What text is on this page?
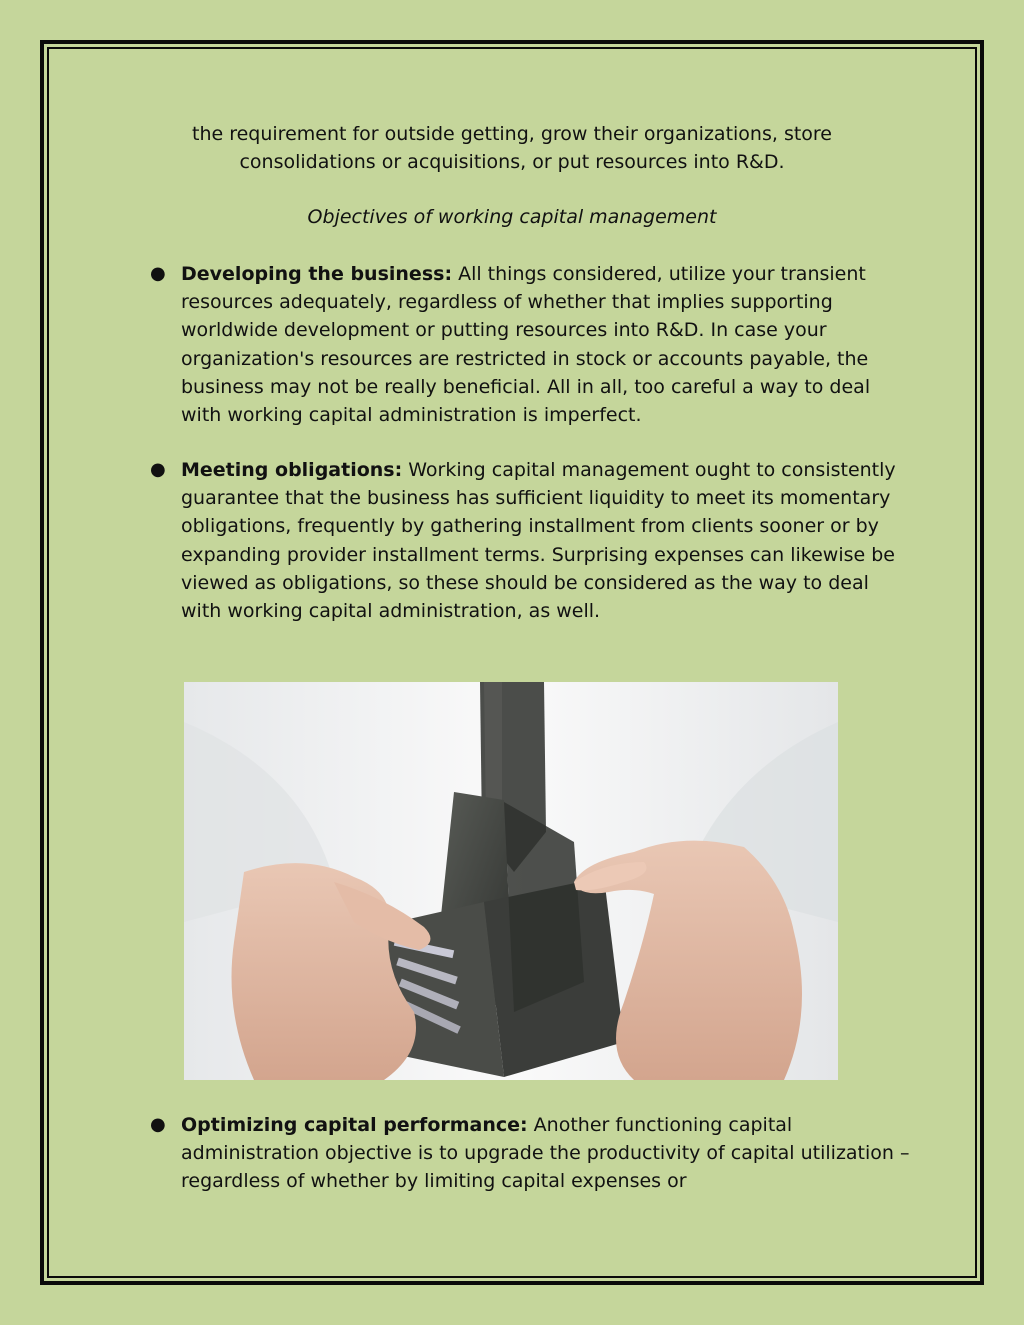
the requirement for outside getting, grow their organizations, store consolidations or acquisitions, or put resources into R&D.

Objectives of working capital management

● Developing the business: All things considered, utilize your transient resources adequately, regardless of whether that implies supporting worldwide development or putting resources into R&D. In case your organization's resources are restricted in stock or accounts payable, the business may not be really beneficial. All in all, too careful a way to deal with working capital administration is imperfect.

● Meeting obligations: Working capital management ought to consistently guarantee that the business has sufficient liquidity to meet its momentary obligations, frequently by gathering installment from clients sooner or by expanding provider installment terms. Surprising expenses can likewise be viewed as obligations, so these should be considered as the way to deal with working capital administration, as well.

● Optimizing capital performance: Another functioning capital administration objective is to upgrade the productivity of capital utilization – regardless of whether by limiting capital expenses or
